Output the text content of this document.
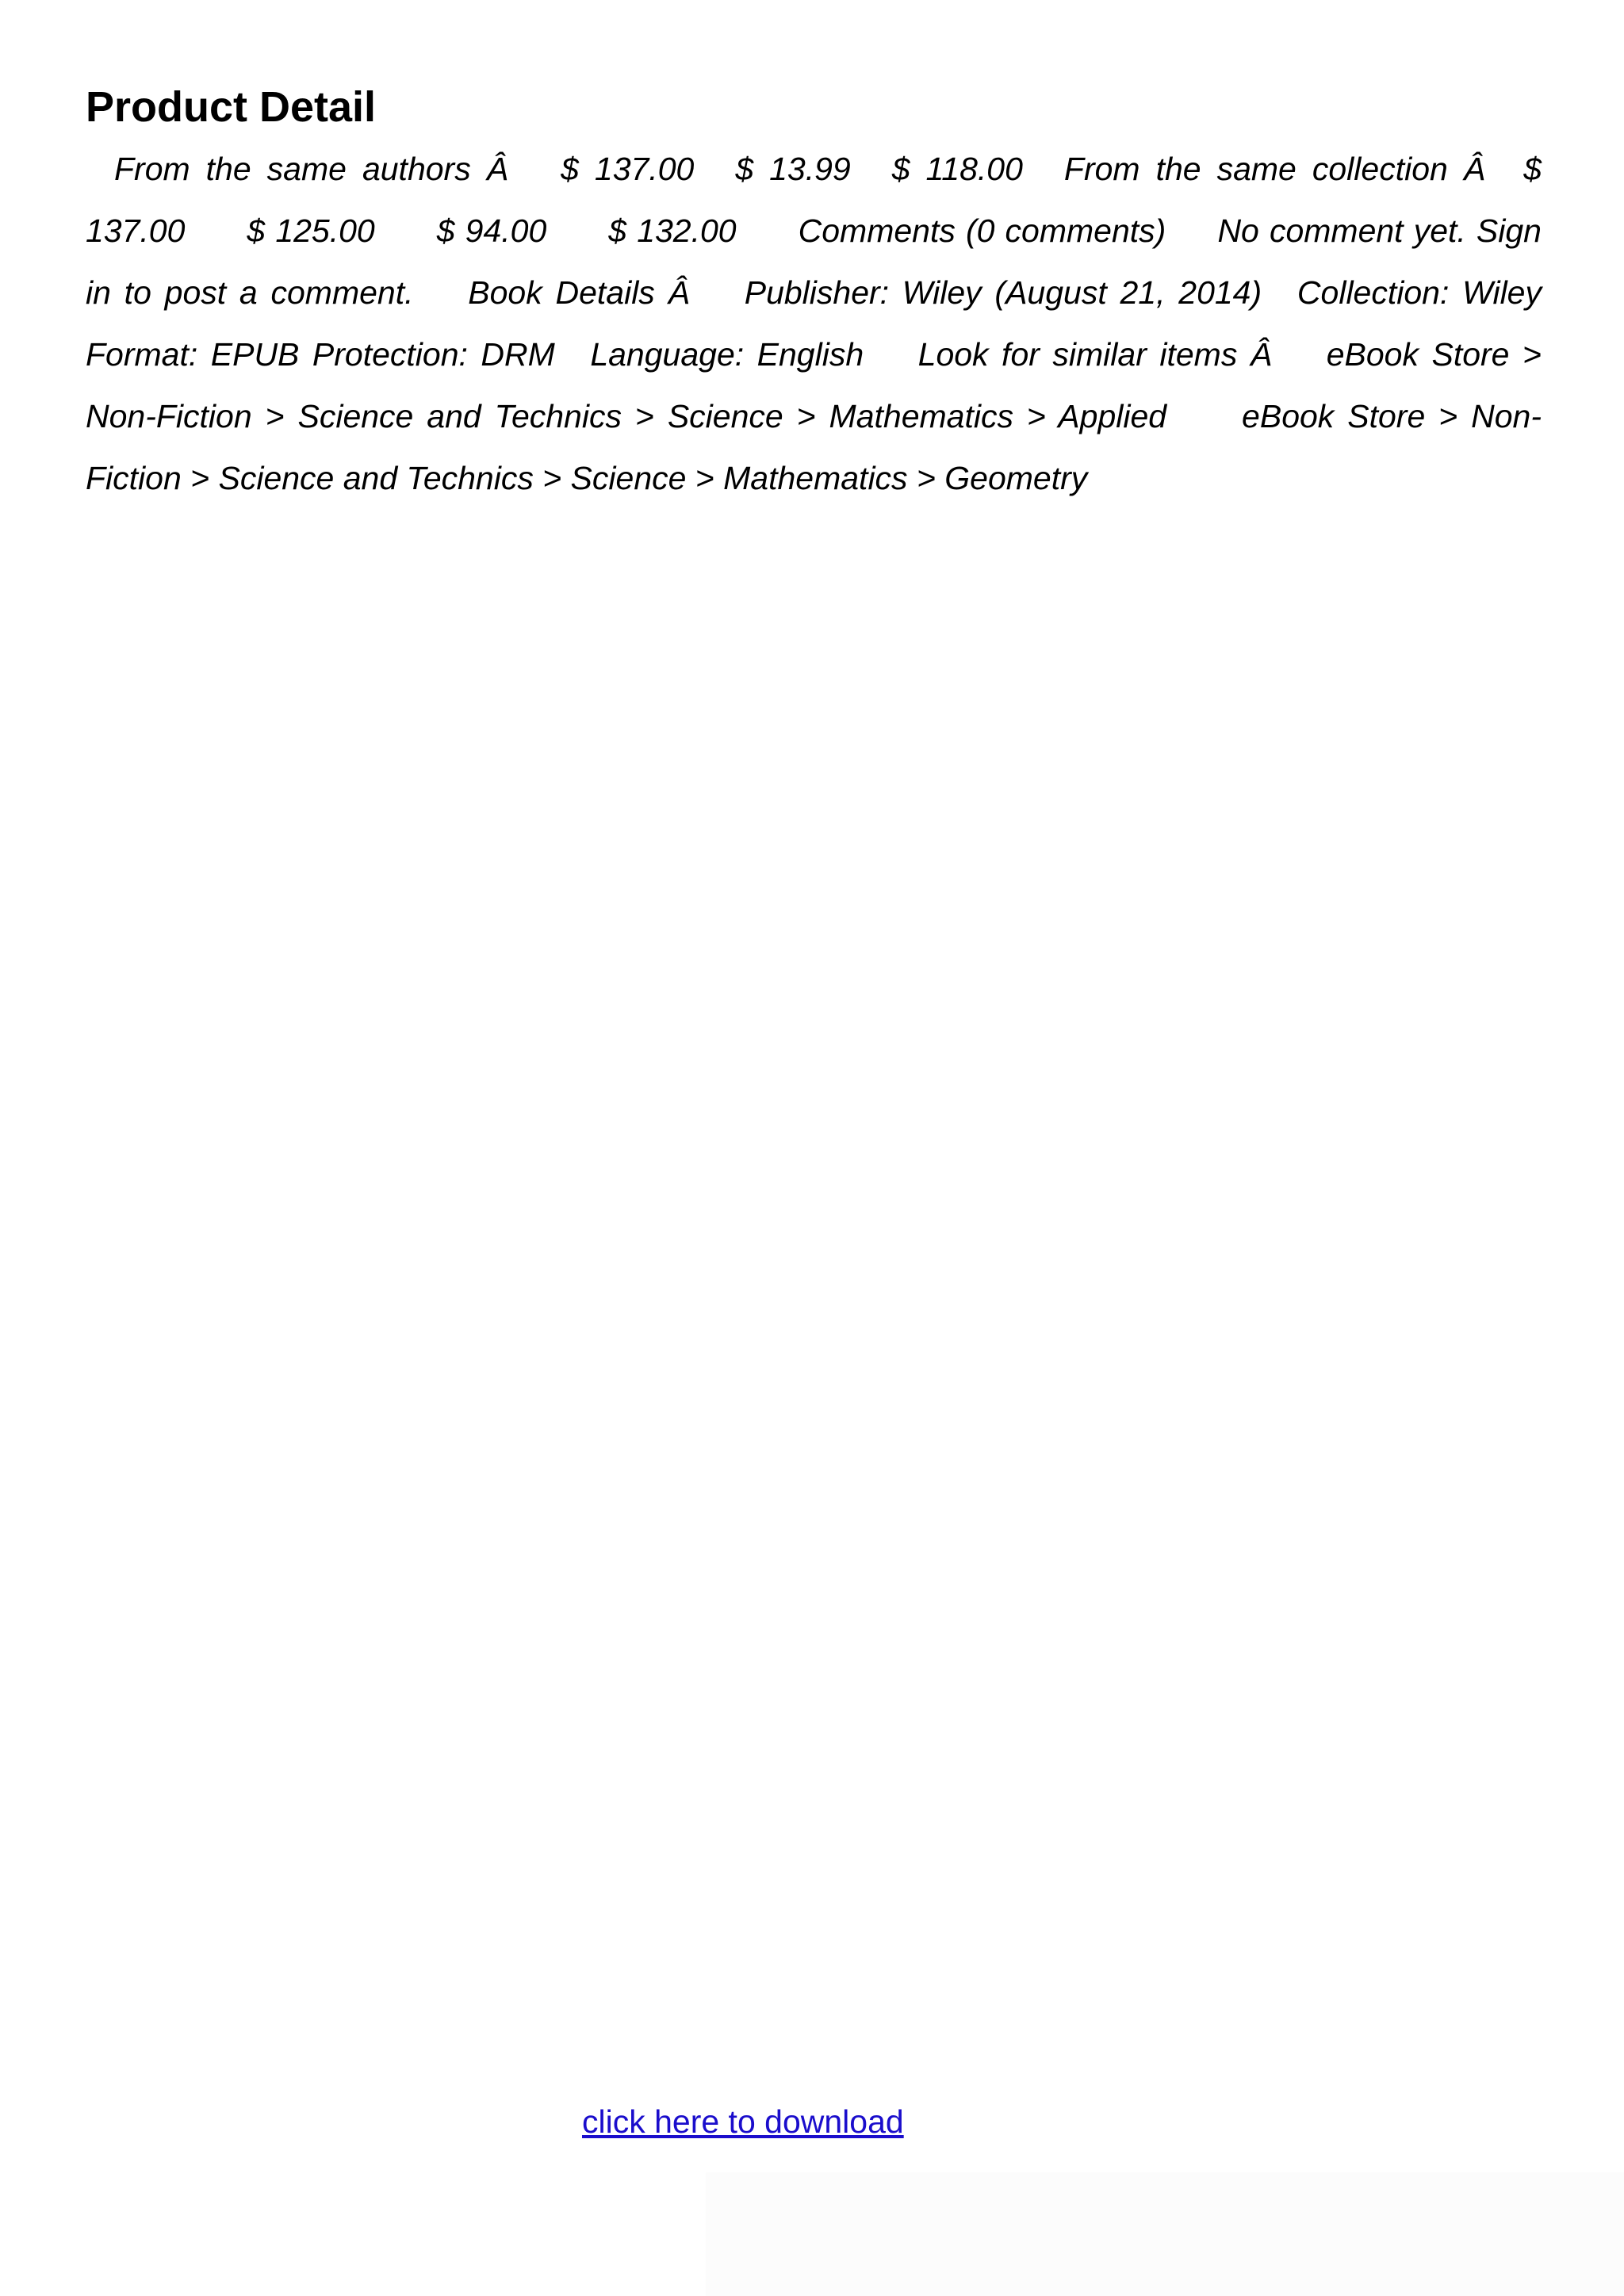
Product Detail

From the same authors Â $ 137.00 $ 13.99 $ 118.00 From the same collection Â $ 137.00 $ 125.00 $ 94.00 $ 132.00 Comments (0 comments) No comment yet. Sign in to post a comment. Book Details Â Publisher: Wiley (August 21, 2014) Collection: Wiley Format: EPUB Protection: DRM Language: English Look for similar items Â eBook Store > Non-Fiction > Science and Technics > Science > Mathematics > Applied eBook Store > Non-Fiction > Science and Technics > Science > Mathematics > Geometry

click here to download
